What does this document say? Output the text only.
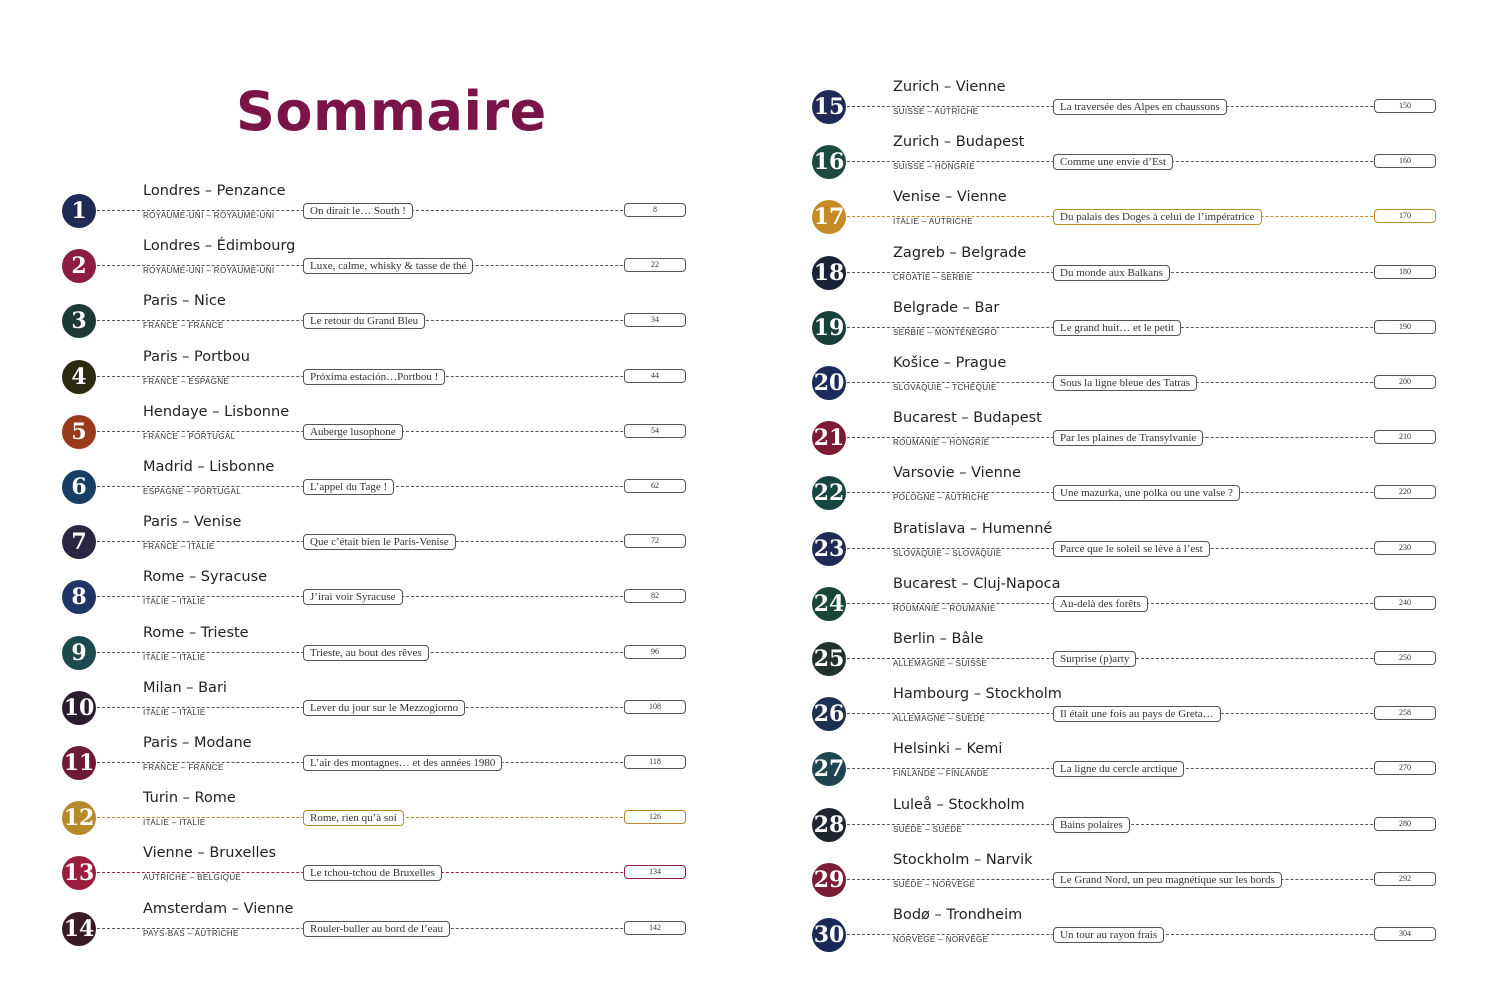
Sommaire
1
Londres – Penzance
ROYAUME-UNI – ROYAUME-UNI	On dirait le… South !	8
2
Londres – Édimbourg
ROYAUME-UNI – ROYAUME-UNI	Luxe, calme, whisky & tasse de thé	22
3
Paris – Nice
FRANCE – FRANCE	Le retour du Grand Bleu	34
4
Paris – Portbou
FRANCE – ESPAGNE	Próxima estación…Portbou !	44
5
Hendaye – Lisbonne
FRANCE – PORTUGAL	Auberge lusophone	54
6
Madrid – Lisbonne
ESPAGNE – PORTUGAL	L’appel du Tage !	62
7
Paris – Venise
FRANCE – ITALIE	Que c’était bien le Paris-Venise	72
8
Rome – Syracuse
ITALIE – ITALIE	J’irai voir Syracuse	82
9
Rome – Trieste
ITALIE – ITALIE	Trieste, au bout des rêves	96
10
Milan – Bari
ITALIE – ITALIE	Lever du jour sur le Mezzogiorno	108
11
Paris – Modane
FRANCE – FRANCE	L’air des montagnes… et des années 1980	118
12
Turin – Rome
ITALIE – ITALIE	Rome, rien qu’à soi	126
13
Vienne – Bruxelles
AUTRICHE – BELGIQUE	Le tchou-tchou de Bruxelles	134
14
Amsterdam – Vienne
PAYS-BAS – AUTRICHE	Rouler-buller au bord de l’eau	142
15
Zurich – Vienne
SUISSE – AUTRICHE	La traversée des Alpes en chaussons	150
16
Zurich – Budapest
SUISSE – HONGRIE	Comme une envie d’Est	160
17
Venise – Vienne
ITALIE – AUTRICHE	Du palais des Doges à celui de l’impératrice	170
18
Zagreb – Belgrade
CROATIE – SERBIE	Du monde aux Balkans	180
19
Belgrade – Bar
SERBIE – MONTÉNÉGRO	Le grand huit… et le petit	190
20
Košice – Prague
SLOVAQUIE – TCHÉQUIE	Sous la ligne bleue des Tatras	200
21
Bucarest – Budapest
ROUMANIE – HONGRIE	Par les plaines de Transylvanie	210
22
Varsovie – Vienne
POLOGNE – AUTRICHE	Une mazurka, une polka ou une valse ?	220
23
Bratislava – Humenné
SLOVAQUIE – SLOVAQUIE	Parce que le soleil se lève à l’est	230
24
Bucarest – Cluj-Napoca
ROUMANIE – ROUMANIE	Au-delà des forêts	240
25
Berlin – Bâle
ALLEMAGNE – SUISSE	Surprise (p)arty	250
26
Hambourg – Stockholm
ALLEMAGNE – SUÈDE	Il était une fois au pays de Greta…	258
27
Helsinki – Kemi
FINLANDE – FINLANDE	La ligne du cercle arctique	270
28
Luleå – Stockholm
SUÈDE – SUÈDE	Bains polaires	280
29
Stockholm – Narvik
SUÈDE – NORVÈGE	Le Grand Nord, un peu magnétique sur les bords	292
30
Bodø – Trondheim
NORVÈGE – NORVÈGE	Un tour au rayon frais	304
